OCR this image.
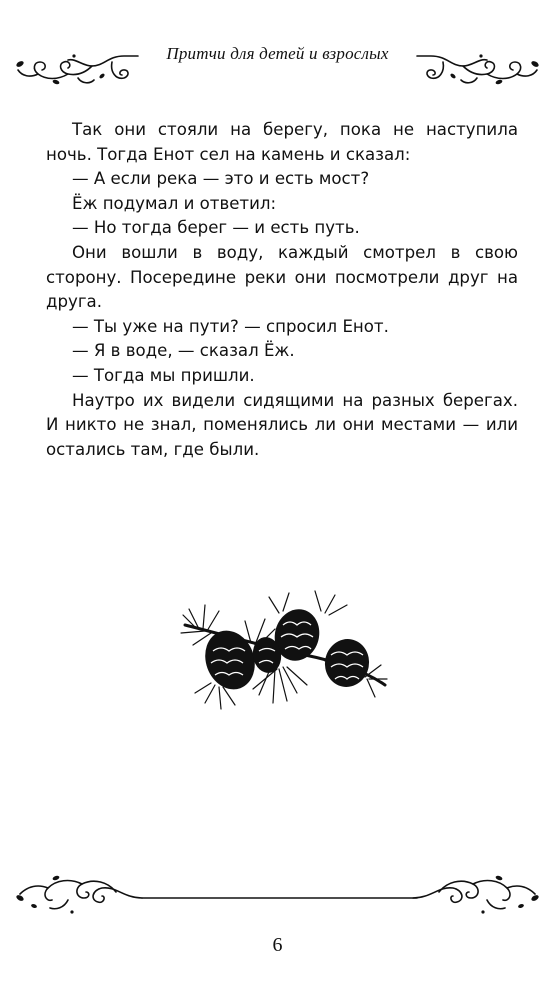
Притчи для детей и взрослых

Так они стояли на берегу, пока не наступила ночь. Тогда Енот сел на камень и сказал:

— А если река — это и есть мост?

Ёж подумал и ответил:

— Но тогда берег — и есть путь.

Они вошли в воду, каждый смотрел в свою сторону. Посередине реки они посмотрели друг на друга.

— Ты уже на пути? — спросил Енот.

— Я в воде, — сказал Ёж.

— Тогда мы пришли.

Наутро их видели сидящими на разных берегах. И никто не знал, поменялись ли они местами — или остались там, где были.

6
